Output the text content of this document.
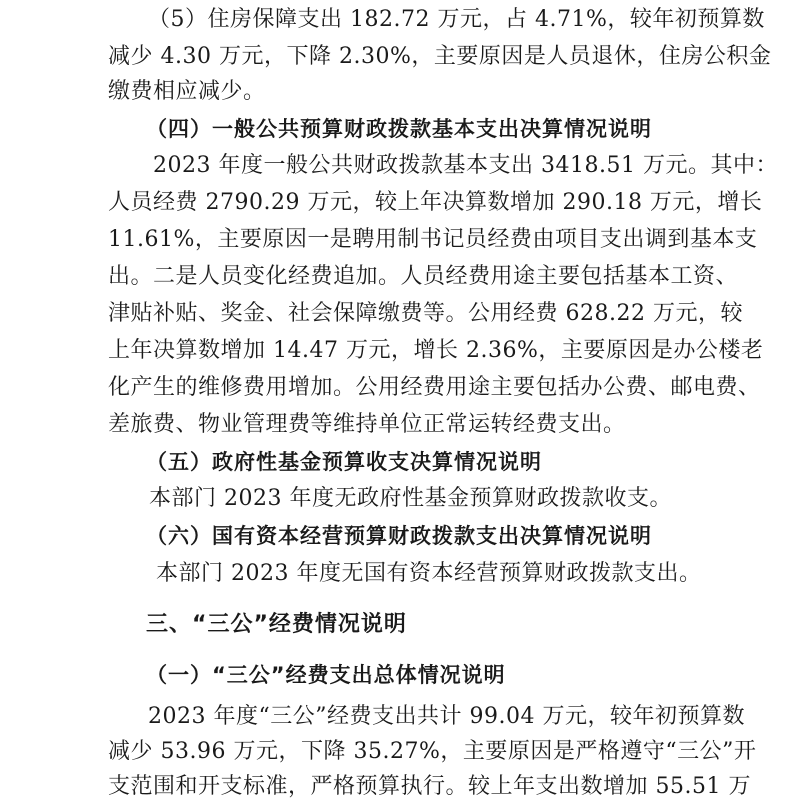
（5）住房保障支出 182.72 万元，占 4.71%，较年初预算数
减少 4.30 万元，下降 2.30%，主要原因是人员退休，住房公积金
缴费相应减少。
（四）一般公共预算财政拨款基本支出决算情况说明
2023 年度一般公共财政拨款基本支出 3418.51 万元。其中：
人员经费 2790.29 万元，较上年决算数增加 290.18 万元，增长
11.61%，主要原因一是聘用制书记员经费由项目支出调到基本支
出。二是人员变化经费追加。人员经费用途主要包括基本工资、
津贴补贴、奖金、社会保障缴费等。公用经费 628.22 万元，较
上年决算数增加 14.47 万元，增长 2.36%，主要原因是办公楼老
化产生的维修费用增加。公用经费用途主要包括办公费、邮电费、
差旅费、物业管理费等维持单位正常运转经费支出。
（五）政府性基金预算收支决算情况说明
本部门 2023 年度无政府性基金预算财政拨款收支。
（六）国有资本经营预算财政拨款支出决算情况说明
本部门 2023 年度无国有资本经营预算财政拨款支出。
三、“三公”经费情况说明
（一）“三公”经费支出总体情况说明
2023 年度“三公”经费支出共计 99.04 万元，较年初预算数
减少 53.96 万元，下降 35.27%，主要原因是严格遵守“三公”开
支范围和开支标准，严格预算执行。较上年支出数增加 55.51 万
